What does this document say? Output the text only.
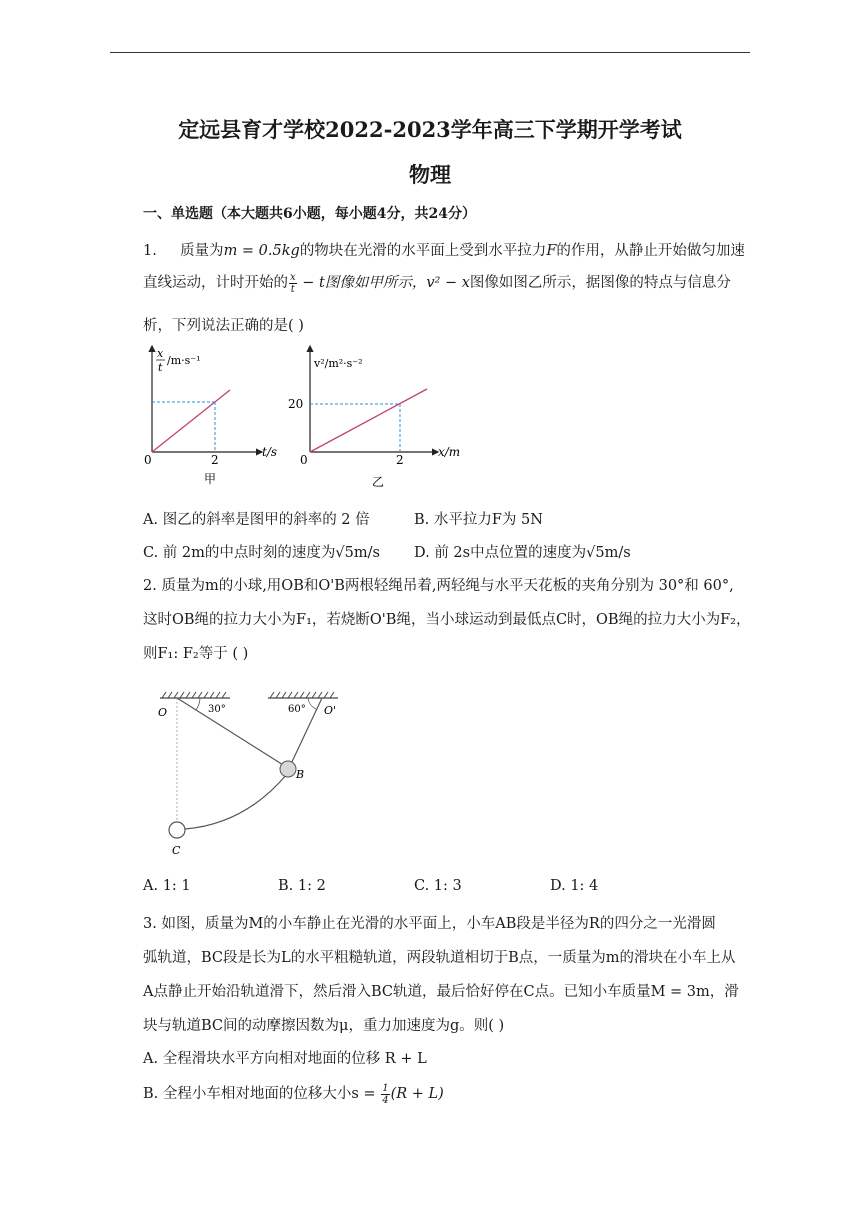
定远县育才学校2022-2023学年高三下学期开学考试
物理
一、单选题（本大题共6小题，每小题4分，共24分）
1. 质量为m = 0.5kg的物块在光滑的水平面上受到水平拉力F的作用，从静止开始做匀加速
直线运动，计时开始的 $\frac{x}{t} - t$图像如甲所示，v² − x图像如图乙所示，据图像的特点与信息分
析，下列说法正确的是( )
x
t
/m·s⁻¹
0	2
t/s
甲
v²/m²·s⁻²
20
0	2
x/m
乙
A. 图乙的斜率是图甲的斜率的 2 倍	B. 水平拉力F为 5N
C. 前 2m的中点时刻的速度为√5m/s D. 前 2s中点位置的速度为√5m/s
2. 质量为m的小球,用OB和O'B两根轻绳吊着,两轻绳与水平天花板的夹角分别为 30°和 60°,
这时OB绳的拉力大小为F₁，若烧断O'B绳，当小球运动到最低点C时，OB绳的拉力大小为F₂，
则F₁: F₂等于 ( )
O	30°	60° O'
B
C
A. 1: 1	B. 1: 2	C. 1: 3	D. 1: 4
3. 如图，质量为M的小车静止在光滑的水平面上，小车AB段是半径为R的四分之一光滑圆
弧轨道，BC段是长为L的水平粗糙轨道，两段轨道相切于B点，一质量为m的滑块在小车上从
A点静止开始沿轨道滑下，然后滑入BC轨道，最后恰好停在C点。已知小车质量M = 3m，滑
块与轨道BC间的动摩擦因数为μ，重力加速度为g。则( )
A. 全程滑块水平方向相对地面的位移 R + L
B. 全程小车相对地面的位移大小$s = \frac{1}{4} (R + L)$
